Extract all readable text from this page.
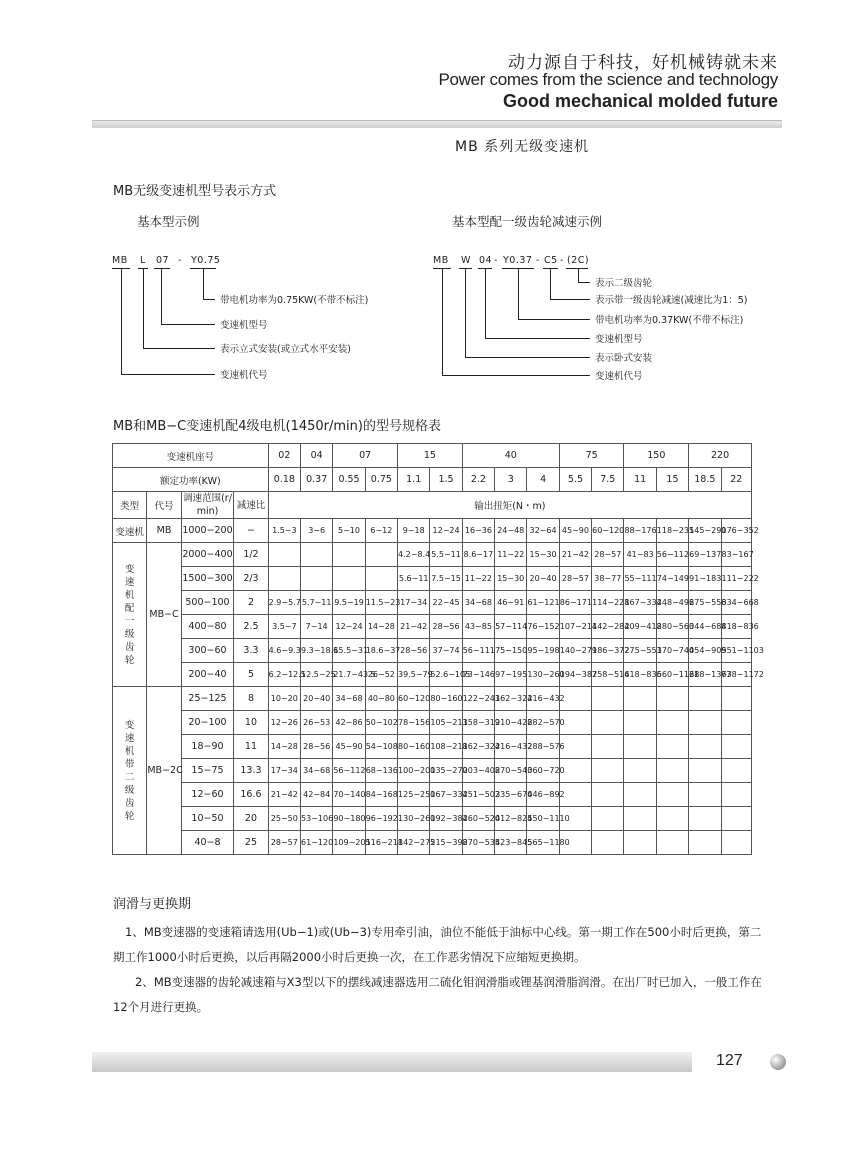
动力源自于科技，好机械铸就未来
Power comes from the science and technology
Good mechanical molded future
MB 系列无级变速机
MB无级变速机型号表示方式
基本型示例	基本型配一级齿轮减速示例
MB L 07 - Y0.75
带电机功率为0.75KW(不带不标注)
变速机型号
表示立式安装(或立式水平安装)
变速机代号
MB W 04 - Y0.37 - C5 - (2C)
表示二级齿轮
表示带一级齿轮减速(减速比为1：5)
带电机功率为0.37KW(不带不标注)
变速机型号
表示卧式安装
变速机代号
MB和MB−C变速机配4级电机(1450r/min)的型号规格表
变速机座号				02	04	07		15		40			75		150		220	
额定功率(KW)				0.18	0.37	0.55	0.75	1.1	1.5	2.2	3	4	5.5	7.5	11	15	18.5	22
类型	代号	调速范围(r/min)	减速比	输出扭矩(N・m)														
变速机	MB	1000−200	−	1.5−3	3−6	5−10	6−12	9−18	12−24	16−36	24−48	32−64	45−90	60−120	88−176	118−235	145−290	176−352
变速机配一级齿轮	MB−C	2000−400	1/2					4.2−8.4	5.5−11	8.6−17	11−22	15−30	21−42	28−57	41−83	56−112	69−137	83−167
		1500−300	2/3					5.6−11	7.5−15	11−22	15−30	20−40	28−57	38−77	55−111	74−149	91−183	111−222
		500−100	2	2.9−5.7	5.7−11	9.5−19	11.5−23	17−34	22−45	34−68	46−91	61−121	86−171	114−228	167−334	248−496	275−556	334−668
		400−80	2.5	3.5−7	7−14	12−24	14−28	21−42	28−56	43−85	57−114	76−152	107−214	142−284	209−418	280−560	344−688	418−836
		300−60	3.3	4.6−9.3	9.3−18.6	15.5−31	18.6−37	28−56	37−74	56−111	75−150	95−198	140−279	186−372	275−551	370−740	454−909	551−1103
		200−40	5	6.2−12.5	12.5−25	21.7−43.5	26−52	39.5−79	52.6−105	73−146	97−195	130−260	194−387	258−516	418−836	560−1121	688−1377	638−1172
变速机带二级齿轮	MB−2C	25−125	8	10−20	20−40	34−68	40−80	60−120	80−160	122−243	162−324	216−432						
		20−100	10	12−26	26−53	42−86	50−102	78−156	105−213	158−319	210−428	282−570						
		18−90	11	14−28	28−56	45−90	54−108	80−160	108−218	162−324	216−432	288−576						
		15−75	13.3	17−34	34−68	56−112	68−136	100−200	135−270	203−408	270−540	360−720						
		12−60	16.6	21−42	42−84	70−140	84−168	125−250	167−334	251−502	335−670	446−892						
		10−50	20	25−50	53−106	90−180	96−192	130−260	192−384	260−520	412−824	550−1110						
		40−8	25	28−57	61−120	109−205	116−218	142−275	215−398	270−535	423−845	565−1180						
润滑与更换期
1、MB变速器的变速箱请选用(Ub−1)或(Ub−3)专用牵引油，油位不能低于油标中心线。第一期工作在500小时后更换，第二期工作1000小时后更换，以后再隔2000小时后更换一次，在工作恶劣情况下应缩短更换期。
2、MB变速器的齿轮减速箱与X3型以下的摆线减速器选用二硫化钼润滑脂或锂基润滑脂润滑。在出厂时已加入，一般工作在12个月进行更换。
127
